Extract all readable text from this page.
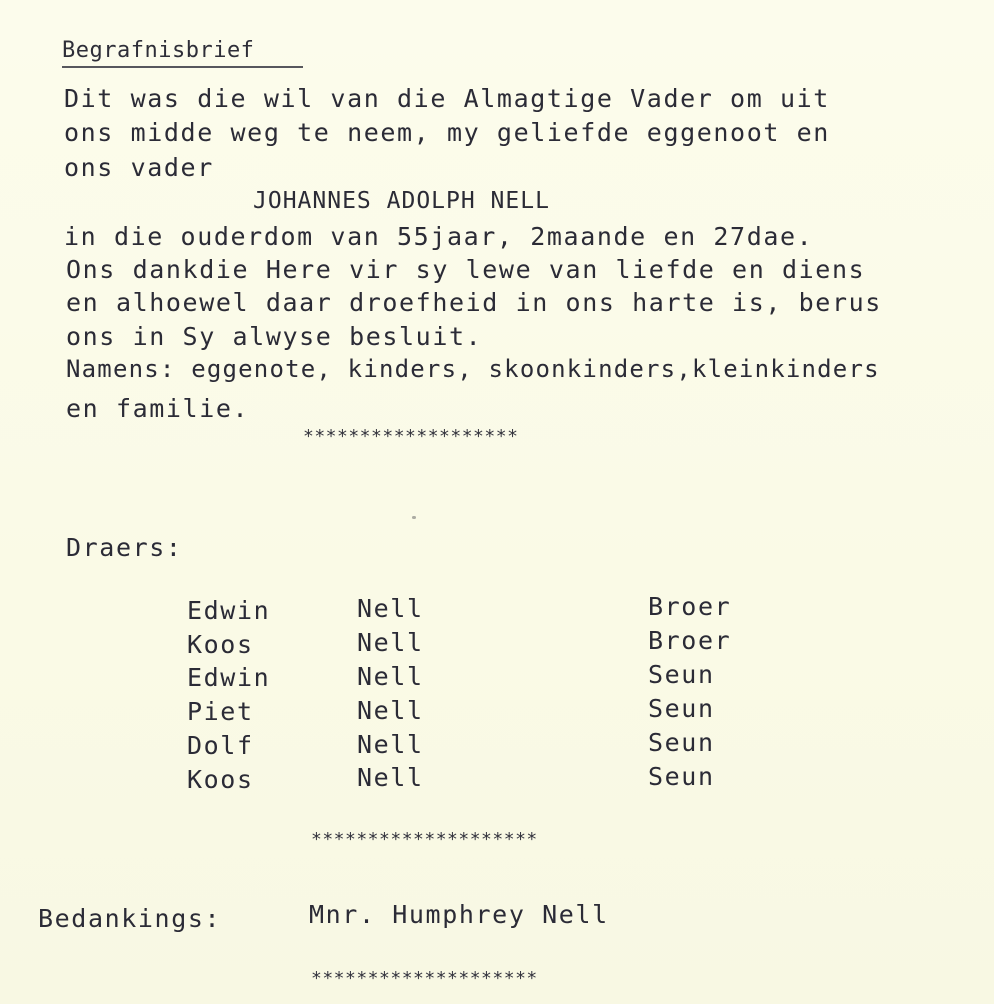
Begrafnisbrief
Dit was die wil van die Almagtige Vader om uit
ons midde weg te neem, my geliefde eggenoot en
ons vader
JOHANNES ADOLPH NELL
in die ouderdom van 55jaar, 2maande en 27dae.
Ons dankdie Here vir sy lewe van liefde en diens
en alhoewel daar droefheid in ons harte is, berus
ons in Sy alwyse besluit.
Namens: eggenote, kinders, skoonkinders,kleinkinders
en familie.
*******************
Draers:
Edwin	Nell	Broer
Koos	Nell	Broer
Edwin	Nell	Seun
Piet	Nell	Seun
Dolf	Nell	Seun
Koos	Nell	Seun
********************
Bedankings:	Mnr. Humphrey Nell
********************
